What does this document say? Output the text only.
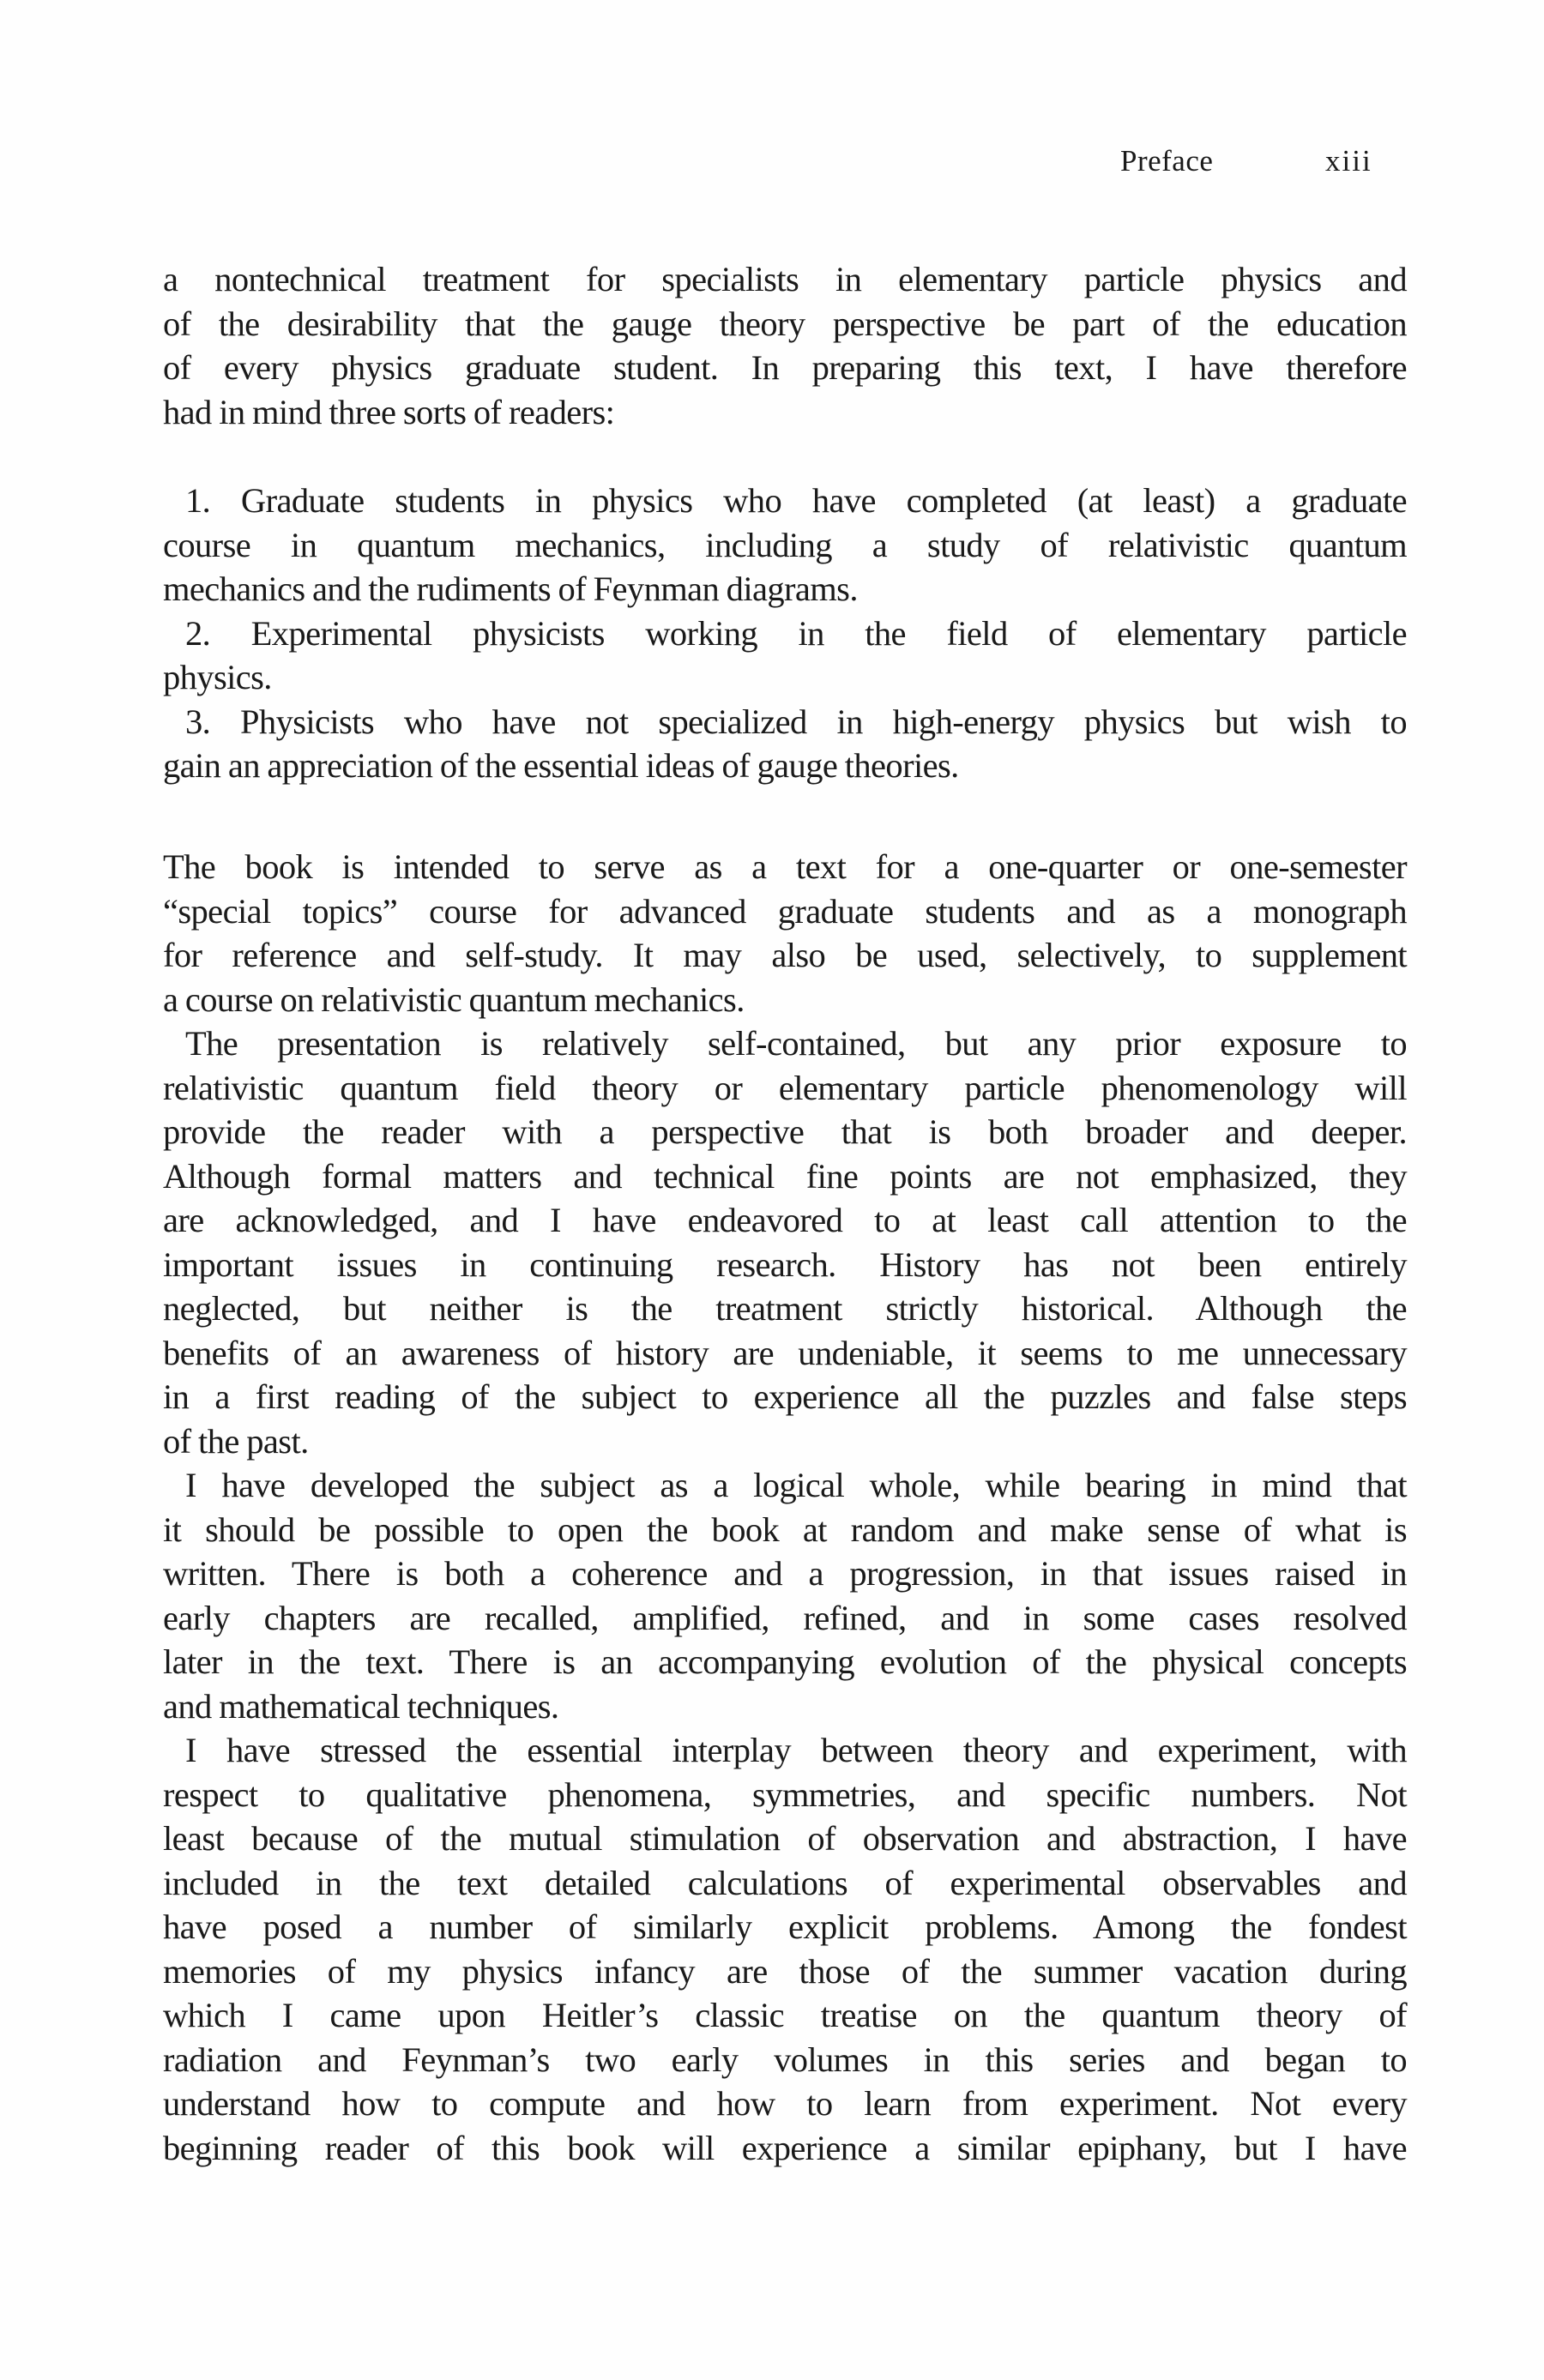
Preface	xiii
a nontechnical treatment for specialists in elementary particle physics and
of the desirability that the gauge theory perspective be part of the education
of every physics graduate student. In preparing this text, I have therefore
had in mind three sorts of readers:
1. Graduate students in physics who have completed (at least) a graduate
course in quantum mechanics, including a study of relativistic quantum
mechanics and the rudiments of Feynman diagrams.
2. Experimental physicists working in the field of elementary particle
physics.
3. Physicists who have not specialized in high-energy physics but wish to
gain an appreciation of the essential ideas of gauge theories.
The book is intended to serve as a text for a one-quarter or one-semester
“special topics” course for advanced graduate students and as a monograph
for reference and self-study. It may also be used, selectively, to supplement
a course on relativistic quantum mechanics.
The presentation is relatively self-contained, but any prior exposure to
relativistic quantum field theory or elementary particle phenomenology will
provide the reader with a perspective that is both broader and deeper.
Although formal matters and technical fine points are not emphasized, they
are acknowledged, and I have endeavored to at least call attention to the
important issues in continuing research. History has not been entirely
neglected, but neither is the treatment strictly historical. Although the
benefits of an awareness of history are undeniable, it seems to me unnecessary
in a first reading of the subject to experience all the puzzles and false steps
of the past.
I have developed the subject as a logical whole, while bearing in mind that
it should be possible to open the book at random and make sense of what is
written. There is both a coherence and a progression, in that issues raised in
early chapters are recalled, amplified, refined, and in some cases resolved
later in the text. There is an accompanying evolution of the physical concepts
and mathematical techniques.
I have stressed the essential interplay between theory and experiment, with
respect to qualitative phenomena, symmetries, and specific numbers. Not
least because of the mutual stimulation of observation and abstraction, I have
included in the text detailed calculations of experimental observables and
have posed a number of similarly explicit problems. Among the fondest
memories of my physics infancy are those of the summer vacation during
which I came upon Heitler’s classic treatise on the quantum theory of
radiation and Feynman’s two early volumes in this series and began to
understand how to compute and how to learn from experiment. Not every
beginning reader of this book will experience a similar epiphany, but I have
